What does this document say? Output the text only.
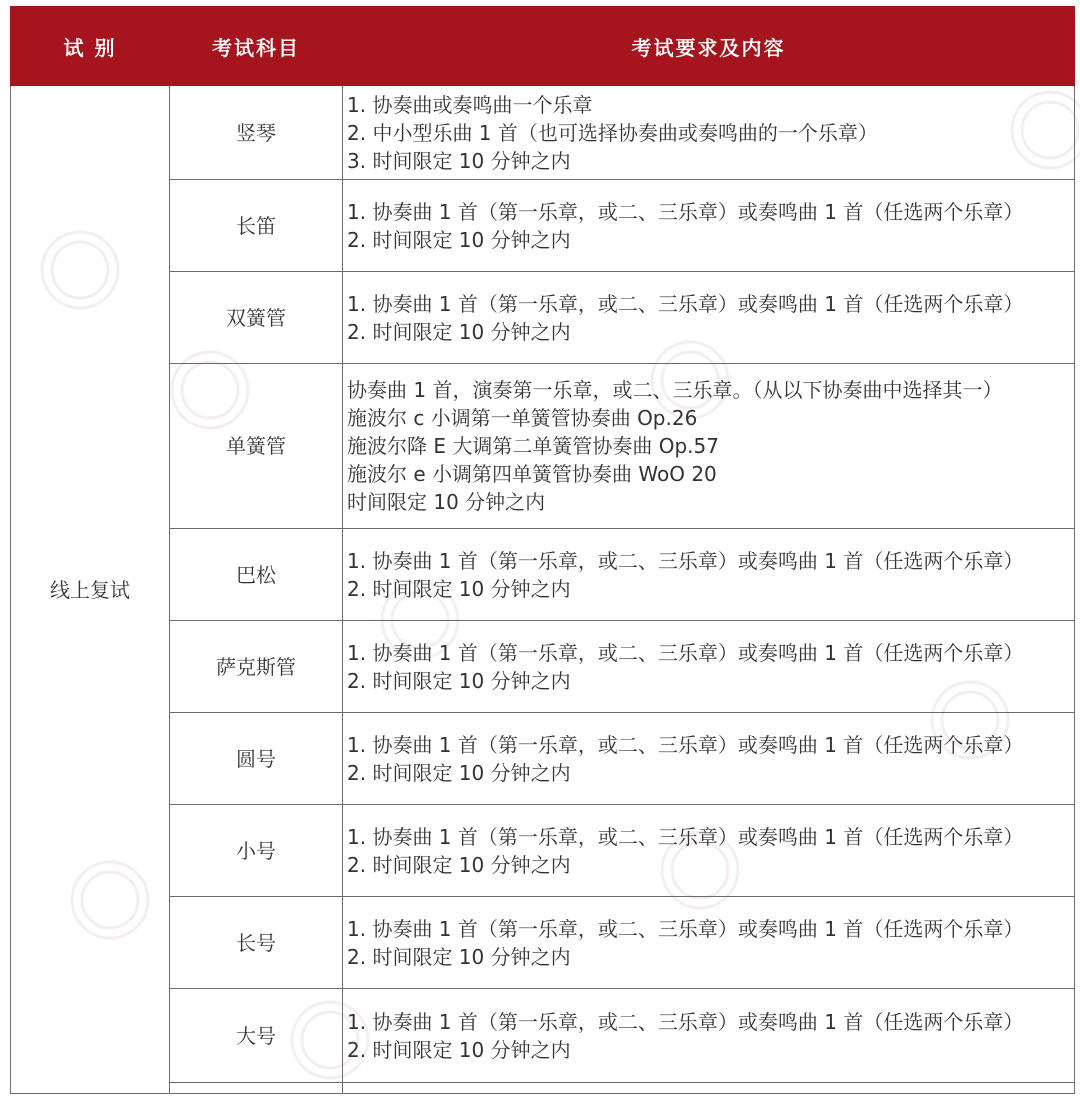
试 别	考试科目	考试要求及内容
线上复试	竖琴	1. 协奏曲或奏鸣曲一个乐章
2. 中小型乐曲 1 首（也可选择协奏曲或奏鸣曲的一个乐章）
3. 时间限定 10 分钟之内

	长笛	1. 协奏曲 1 首（第一乐章，或二、三乐章）或奏鸣曲 1 首（任选两个乐章）
2. 时间限定 10 分钟之内

	双簧管	1. 协奏曲 1 首（第一乐章，或二、三乐章）或奏鸣曲 1 首（任选两个乐章）
2. 时间限定 10 分钟之内

	单簧管	协奏曲 1 首，演奏第一乐章，或二、三乐章。（从以下协奏曲中选择其一）
施波尔 c 小调第一单簧管协奏曲 Op.26
施波尔降 E 大调第二单簧管协奏曲 Op.57
施波尔 e 小调第四单簧管协奏曲 WoO 20
时间限定 10 分钟之内

	巴松	1. 协奏曲 1 首（第一乐章，或二、三乐章）或奏鸣曲 1 首（任选两个乐章）
2. 时间限定 10 分钟之内

	萨克斯管	1. 协奏曲 1 首（第一乐章，或二、三乐章）或奏鸣曲 1 首（任选两个乐章）
2. 时间限定 10 分钟之内

	圆号	1. 协奏曲 1 首（第一乐章，或二、三乐章）或奏鸣曲 1 首（任选两个乐章）
2. 时间限定 10 分钟之内

	小号	1. 协奏曲 1 首（第一乐章，或二、三乐章）或奏鸣曲 1 首（任选两个乐章）
2. 时间限定 10 分钟之内

	长号	1. 协奏曲 1 首（第一乐章，或二、三乐章）或奏鸣曲 1 首（任选两个乐章）
2. 时间限定 10 分钟之内

	大号	1. 协奏曲 1 首（第一乐章，或二、三乐章）或奏鸣曲 1 首（任选两个乐章）
2. 时间限定 10 分钟之内
